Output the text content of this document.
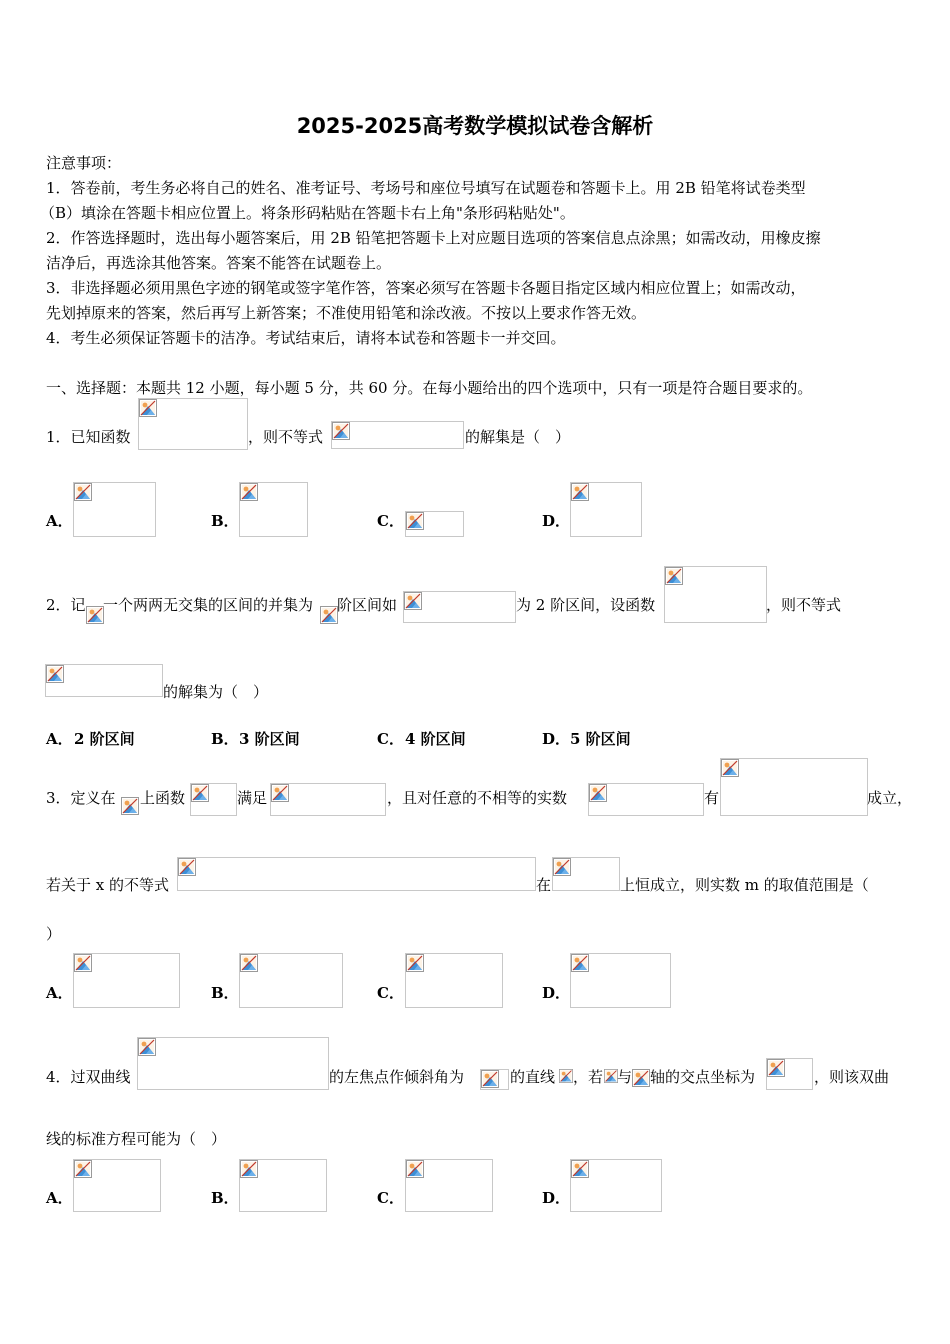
2025-2025高考数学模拟试卷含解析
注意事项：
1．答卷前，考生务必将自己的姓名、准考证号、考场号和座位号填写在试题卷和答题卡上。用 2B 铅笔将试卷类型
（B）填涂在答题卡相应位置上。将条形码粘贴在答题卡右上角"条形码粘贴处"。
2．作答选择题时，选出每小题答案后，用 2B 铅笔把答题卡上对应题目选项的答案信息点涂黑；如需改动，用橡皮擦
洁净后，再选涂其他答案。答案不能答在试题卷上。
3．非选择题必须用黑色字迹的钢笔或签字笔作答，答案必须写在答题卡各题目指定区域内相应位置上；如需改动，
先划掉原来的答案，然后再写上新答案；不准使用铅笔和涂改液。不按以上要求作答无效。
4．考生必须保证答题卡的洁净。考试结束后，请将本试卷和答题卡一并交回。
一、选择题：本题共 12 小题，每小题 5 分，共 60 分。在每小题给出的四个选项中，只有一项是符合题目要求的。
1．已知函数	，则不等式	的解集是（　）
A．	B．	C．	D．
2．记 一个两两无交集的区间的并集为 阶区间如	为 2 阶区间，设函数	，则不等式
的解集为（　）
A． 2 阶区间	B． 3 阶区间	C． 4 阶区间	D． 5 阶区间
3．定义在 上函数	满足	，且对任意的不相等的实数	有	成立，
若关于 x 的不等式	在	上恒成立，则实数 m 的取值范围是（
）
A．	B．	C．	D．
4．过双曲线	的左焦点作倾斜角为	的直线 ，若 与 轴的交点坐标为	，则该双曲
线的标准方程可能为（　）
A．	B．	C．	D．
